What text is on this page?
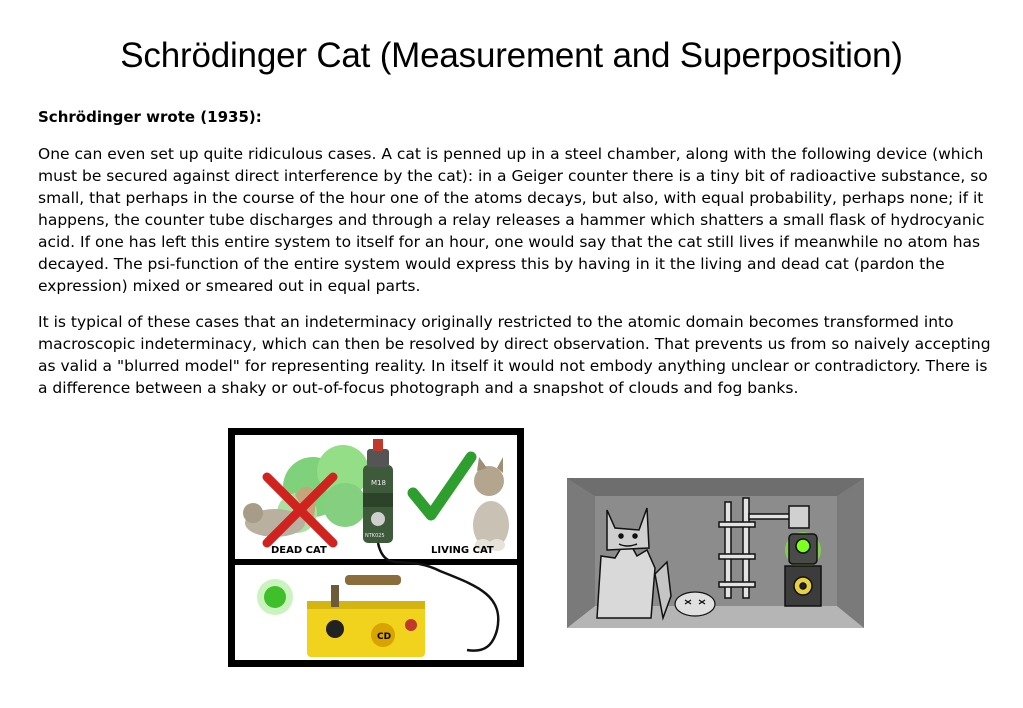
Schrödinger Cat (Measurement and Superposition)
Schrödinger wrote (1935):

One can even set up quite ridiculous cases. A cat is penned up in a steel chamber, along with the following device (which must be secured against direct interference by the cat): in a Geiger counter there is a tiny bit of radioactive substance, so small, that perhaps in the course of the hour one of the atoms decays, but also, with equal probability, perhaps none; if it happens, the counter tube discharges and through a relay releases a hammer which shatters a small flask of hydrocyanic acid. If one has left this entire system to itself for an hour, one would say that the cat still lives if meanwhile no atom has decayed. The psi-function of the entire system would express this by having in it the living and dead cat (pardon the expression) mixed or smeared out in equal parts.

It is typical of these cases that an indeterminacy originally restricted to the atomic domain becomes transformed into macroscopic indeterminacy, which can then be resolved by direct observation. That prevents us from so naively accepting as valid a "blurred model" for representing reality. In itself it would not embody anything unclear or contradictory. There is a difference between a shaky or out-of-focus photograph and a snapshot of clouds and fog banks.

M18
NTK025
DEAD CAT	LIVING CAT
CD
